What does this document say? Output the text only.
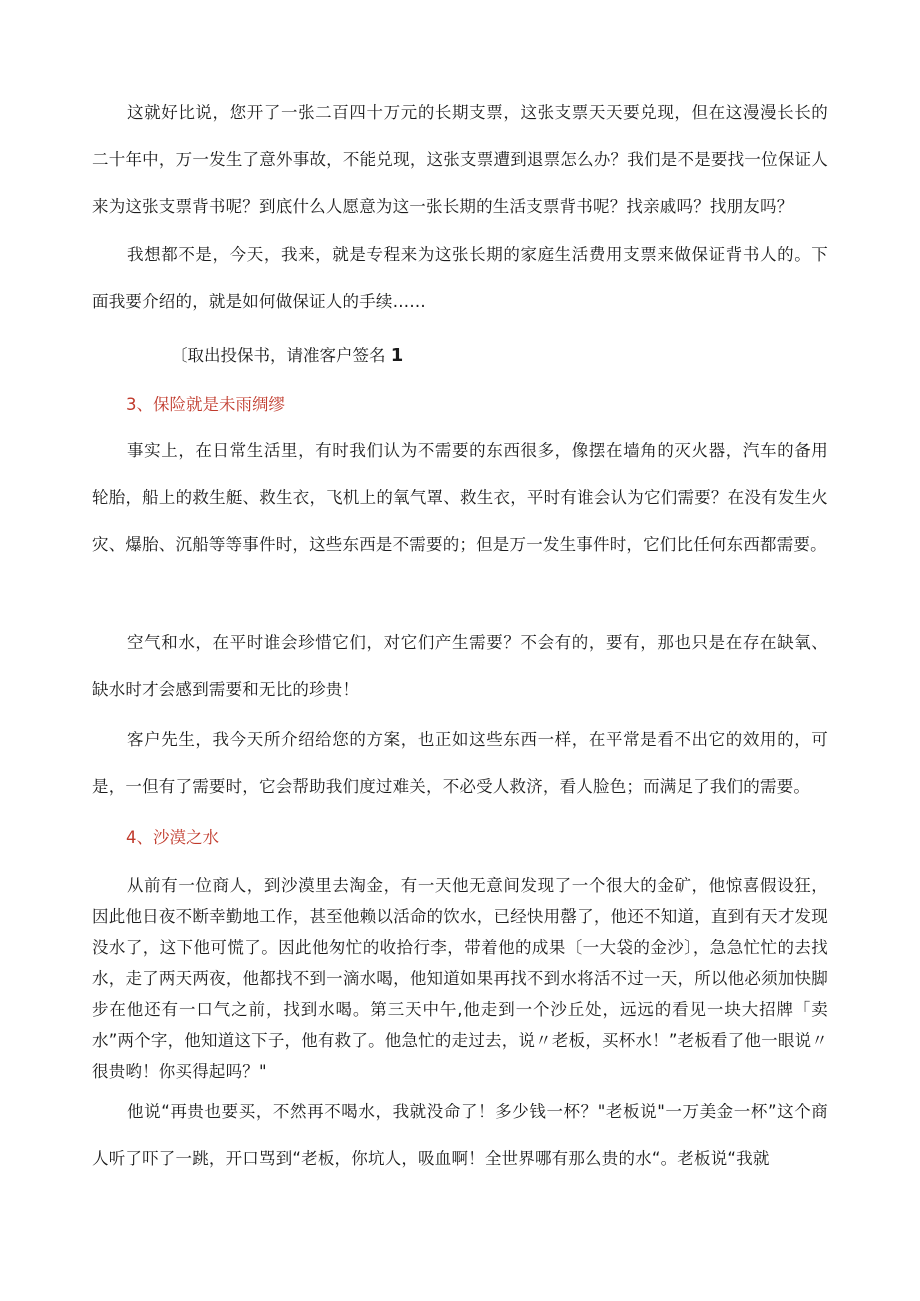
这就好比说，您开了一张二百四十万元的长期支票，这张支票天天要兑现，但在这漫漫长长的二十年中，万一发生了意外事故，不能兑现，这张支票遭到退票怎么办？我们是不是要找一位保证人来为这张支票背书呢？到底什么人愿意为这一张长期的生活支票背书呢？找亲戚吗？找朋友吗？

我想都不是，今天，我来，就是专程来为这张长期的家庭生活费用支票来做保证背书人的。下面我要介绍的，就是如何做保证人的手续……

〔取出投保书，请准客户签名 1
3、保险就是未雨绸缪

事实上，在日常生活里，有时我们认为不需要的东西很多，像摆在墙角的灭火器，汽车的备用轮胎，船上的救生艇、救生衣，飞机上的氧气罩、救生衣，平时有谁会认为它们需要？在没有发生火灾、爆胎、沉船等等事件时，这些东西是不需要的；但是万一发生事件时，它们比任何东西都需要。

空气和水，在平时谁会珍惜它们，对它们产生需要？不会有的，要有，那也只是在存在缺氧、缺水时才会感到需要和无比的珍贵！

客户先生，我今天所介绍给您的方案，也正如这些东西一样，在平常是看不出它的效用的，可是，一但有了需要时，它会帮助我们度过难关，不必受人救济，看人脸色；而满足了我们的需要。

4、沙漠之水

从前有一位商人，到沙漠里去淘金，有一天他无意间发现了一个很大的金矿，他惊喜假设狂，因此他日夜不断幸勤地工作，甚至他赖以活命的饮水，已经快用罄了，他还不知道，直到有天才发现没水了，这下他可慌了。因此他匆忙的收拾行李，带着他的成果〔一大袋的金沙〕，急急忙忙的去找水，走了两天两夜，他都找不到一滴水喝，他知道如果再找不到水将活不过一天，所以他必须加快脚步在他还有一口气之前，找到水喝。第三天中午,他走到一个沙丘处，远远的看见一块大招牌「卖水”两个字，他知道这下子，他有救了。他急忙的走过去，说〃老板，买杯水！”老板看了他一眼说〃很贵哟！你买得起吗？"

他说“再贵也要买，不然再不喝水，我就没命了！多少钱一杯？"老板说"一万美金一杯”这个商人听了吓了一跳，开口骂到“老板，你坑人，吸血啊！全世界哪有那么贵的水“。老板说“我就
